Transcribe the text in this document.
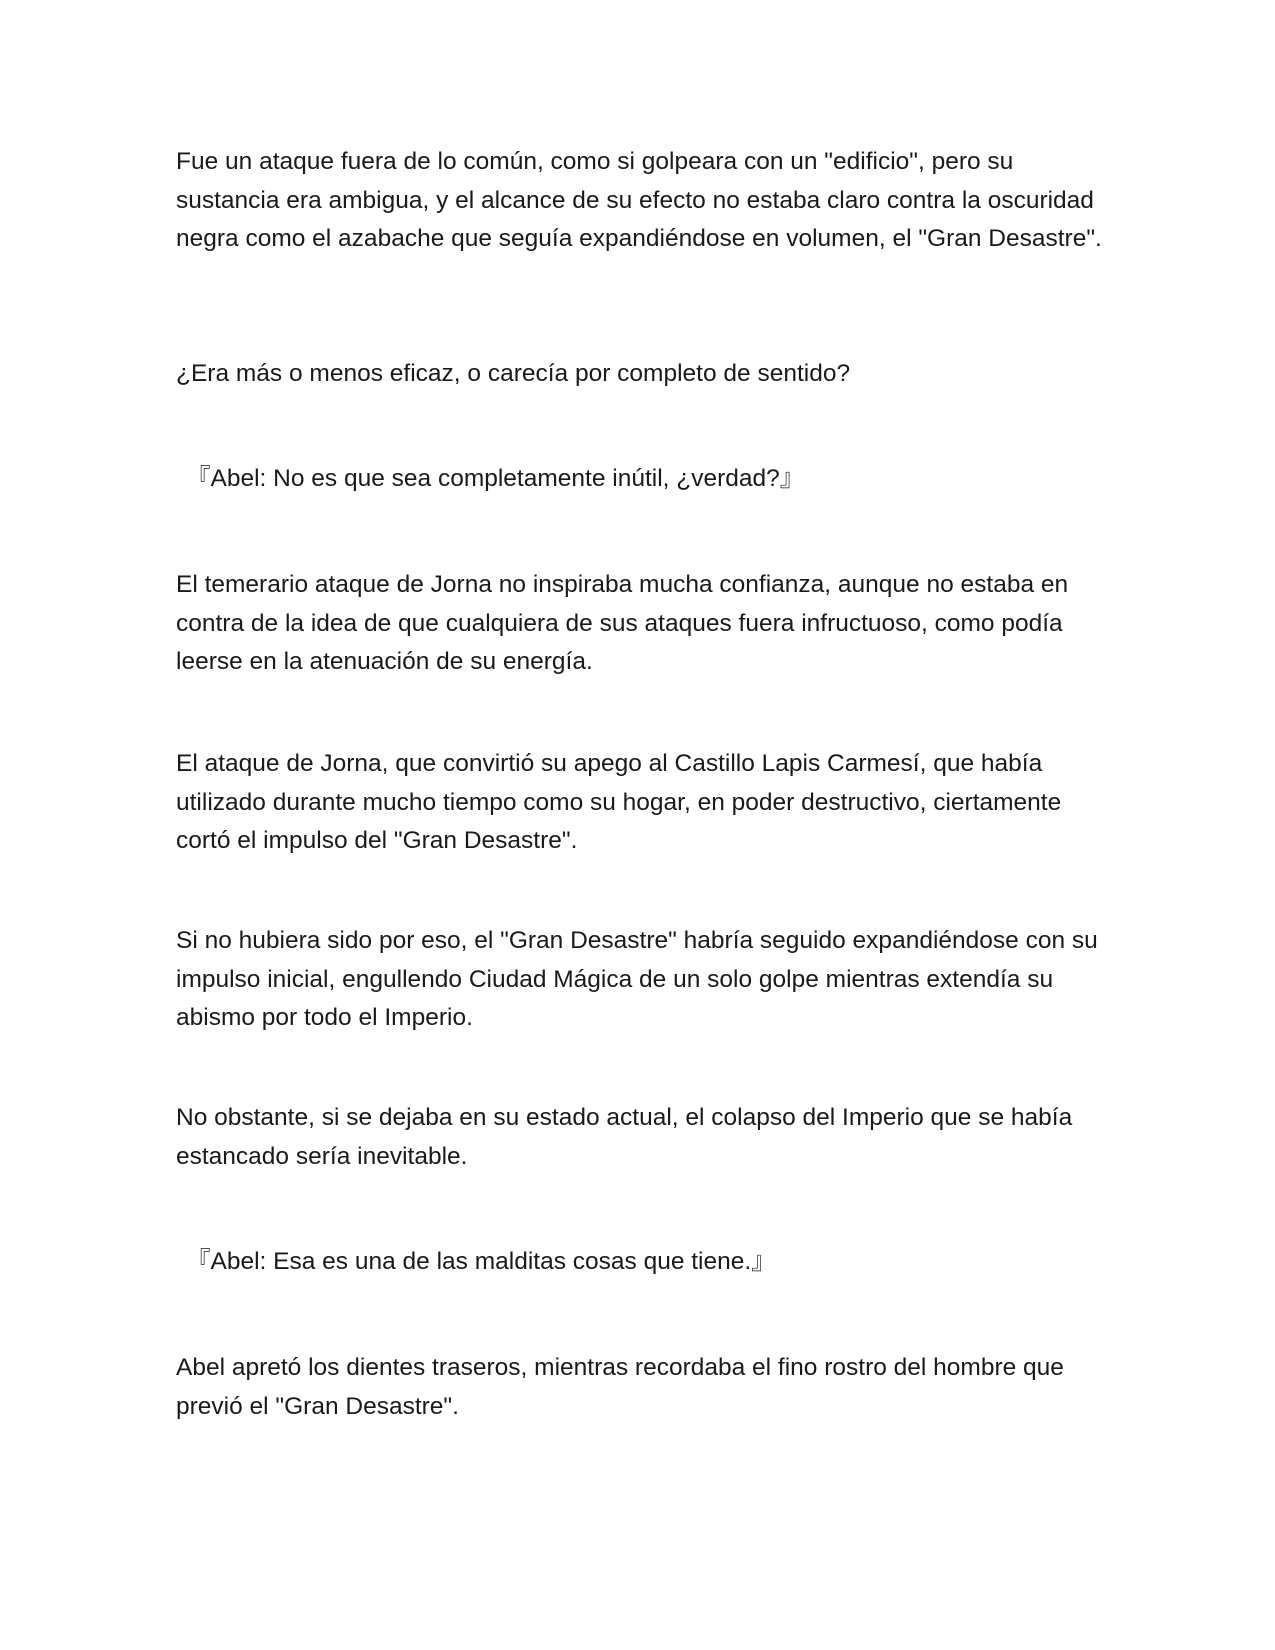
Fue un ataque fuera de lo común, como si golpeara con un "edificio", pero su sustancia era ambigua, y el alcance de su efecto no estaba claro contra la oscuridad negra como el azabache que seguía expandiéndose en volumen, el "Gran Desastre".

¿Era más o menos eficaz, o carecía por completo de sentido?

『Abel: No es que sea completamente inútil, ¿verdad?』

El temerario ataque de Jorna no inspiraba mucha confianza, aunque no estaba en contra de la idea de que cualquiera de sus ataques fuera infructuoso, como podía leerse en la atenuación de su energía.

El ataque de Jorna, que convirtió su apego al Castillo Lapis Carmesí, que había utilizado durante mucho tiempo como su hogar, en poder destructivo, ciertamente cortó el impulso del "Gran Desastre".

Si no hubiera sido por eso, el "Gran Desastre" habría seguido expandiéndose con su impulso inicial, engullendo Ciudad Mágica de un solo golpe mientras extendía su abismo por todo el Imperio.

No obstante, si se dejaba en su estado actual, el colapso del Imperio que se había estancado sería inevitable.

『Abel: Esa es una de las malditas cosas que tiene.』

Abel apretó los dientes traseros, mientras recordaba el fino rostro del hombre que previó el "Gran Desastre".
